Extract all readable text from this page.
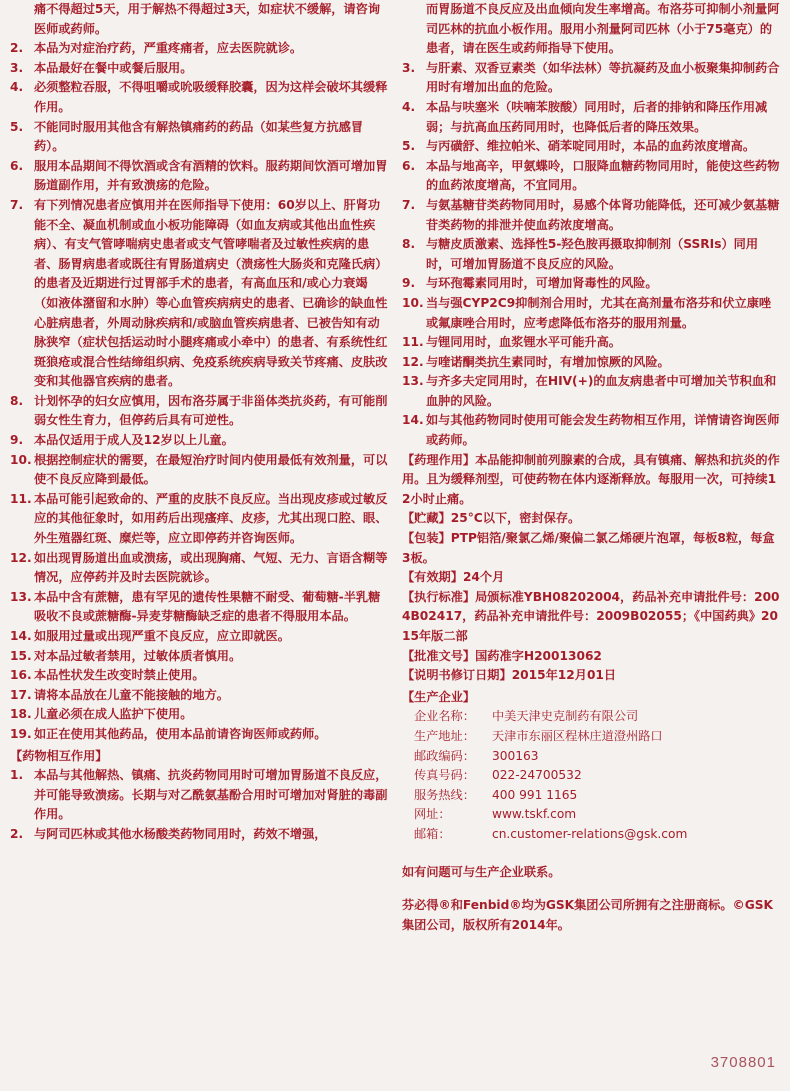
痛不得超过5天，用于解热不得超过3天，如症状不缓解，请咨询医师或药师。

2. 本品为对症治疗药，严重疼痛者，应去医院就诊。

3. 本品最好在餐中或餐后服用。

4. 必须整粒吞服，不得咀嚼或吮吸缓释胶囊，因为这样会破坏其缓释作用。

5. 不能同时服用其他含有解热镇痛药的药品（如某些复方抗感冒药）。

6. 服用本品期间不得饮酒或含有酒精的饮料。服药期间饮酒可增加胃肠道副作用，并有致溃疡的危险。

7. 有下列情况患者应慎用并在医师指导下使用：60岁以上、肝肾功能不全、凝血机制或血小板功能障碍（如血友病或其他出血性疾病）、有支气管哮喘病史患者或支气管哮喘者及过敏性疾病的患者、肠胃病患者或既往有胃肠道病史（溃疡性大肠炎和克隆氏病）的患者及近期进行过胃部手术的患者，有高血压和/或心力衰竭（如液体潴留和水肿）等心血管疾病病史的患者、已确诊的缺血性心脏病患者，外周动脉疾病和/或脑血管疾病患者、已被告知有动脉狭窄（症状包括运动时小腿疼痛或小牵中）的患者、有系统性红斑狼疮或混合性结缔组织病、免疫系统疾病导致关节疼痛、皮肤改变和其他器官疾病的患者。

8. 计划怀孕的妇女应慎用，因布洛芬属于非甾体类抗炎药，有可能削弱女性生育力，但停药后具有可逆性。

9. 本品仅适用于成人及12岁以上儿童。

10. 根据控制症状的需要，在最短治疗时间内使用最低有效剂量，可以使不良反应降到最低。

11. 本品可能引起致命的、严重的皮肤不良反应。当出现皮疹或过敏反应的其他征象时，如用药后出现瘙痒、皮疹，尤其出现口腔、眼、外生殖器红斑、糜烂等，应立即停药并咨询医师。

12. 如出现胃肠道出血或溃疡，或出现胸痛、气短、无力、言语含糊等情况，应停药并及时去医院就诊。

13. 本品中含有蔗糖，患有罕见的遗传性果糖不耐受、葡萄糖-半乳糖吸收不良或蔗糖酶-异麦芽糖酶缺乏症的患者不得服用本品。

14. 如服用过量或出现严重不良反应，应立即就医。

15. 对本品过敏者禁用，过敏体质者慎用。

16. 本品性状发生改变时禁止使用。

17. 请将本品放在儿童不能接触的地方。

18. 儿童必须在成人监护下使用。

19. 如正在使用其他药品，使用本品前请咨询医师或药师。

【药物相互作用】

1. 本品与其他解热、镇痛、抗炎药物同用时可增加胃肠道不良反应，并可能导致溃疡。长期与对乙酰氨基酚合用时可增加对肾脏的毒副作用。

2. 与阿司匹林或其他水杨酸类药物同用时，药效不增强，

而胃肠道不良反应及出血倾向发生率增高。布洛芬可抑制小剂量阿司匹林的抗血小板作用。服用小剂量阿司匹林（小于75毫克）的患者，请在医生或药师指导下使用。

3. 与肝素、双香豆素类（如华法林）等抗凝药及血小板聚集抑制药合用时有增加出血的危险。

4. 本品与呋塞米（呋喃苯胺酸）同用时，后者的排钠和降压作用减弱；与抗高血压药同用时，也降低后者的降压效果。

5. 与丙磺舒、维拉帕米、硝苯啶同用时，本品的血药浓度增高。

6. 本品与地高辛，甲氨蝶呤，口服降血糖药物同用时，能使这些药物的血药浓度增高，不宜同用。

7. 与氨基糖苷类药物同用时，易感个体肾功能降低，还可减少氨基糖苷类药物的排泄并使血药浓度增高。

8. 与糖皮质激素、选择性5-羟色胺再摄取抑制剂（SSRIs）同用时，可增加胃肠道不良反应的风险。

9. 与环孢霉素同用时，可增加肾毒性的风险。

10. 当与强CYP2C9抑制剂合用时，尤其在高剂量布洛芬和伏立康唑或氟康唑合用时，应考虑降低布洛芬的服用剂量。

11. 与锂同用时，血浆锂水平可能升高。

12. 与喹诺酮类抗生素同时，有增加惊厥的风险。

13. 与齐多夫定同用时，在HIV(+)的血友病患者中可增加关节积血和血肿的风险。

14. 如与其他药物同时使用可能会发生药物相互作用，详情请咨询医师或药师。

【药理作用】本品能抑制前列腺素的合成，具有镇痛、解热和抗炎的作用。且为缓释剂型，可使药物在体内逐渐释放。每服用一次，可持续12小时止痛。

【贮藏】25°C以下，密封保存。

【包装】PTP铝箔/聚氯乙烯/聚偏二氯乙烯硬片泡罩，每板8粒，每盒3板。

【有效期】24个月

【执行标准】局颁标准YBH08202004，药品补充申请批件号：2004B02417，药品补充申请批件号：2009B02055；《中国药典》2015年版二部

【批准文号】国药准字H20013062

【说明书修订日期】2015年12月01日

【生产企业】

企业名称： 中美天津史克制药有限公司

生产地址： 天津市东丽区程林庄道澄州路口

邮政编码： 300163

传真号码： 022-24700532

服务热线： 400 991 1165

网址：	www.tskf.com

邮箱：	cn.customer-relations@gsk.com

如有问题可与生产企业联系。

芬必得®和Fenbid®均为GSK集团公司所拥有之注册商标。©GSK集团公司，版权所有2014年。

3708801
